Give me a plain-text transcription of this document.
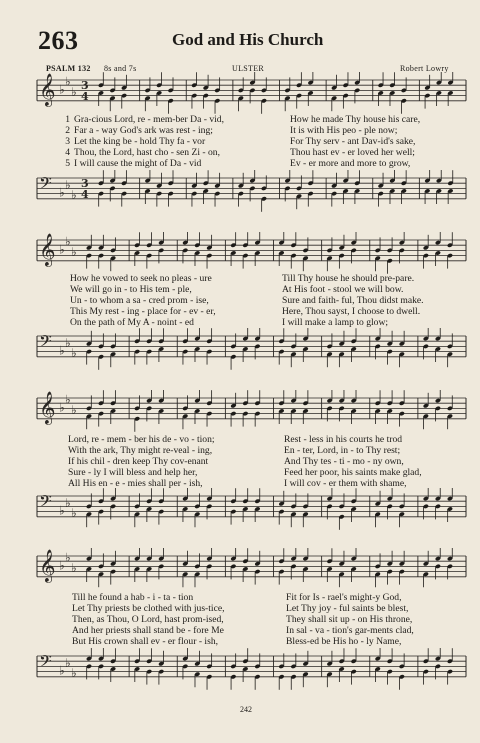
263	God and His Church
PSALM 132 8s and 7s	ULSTER	Robert Lowry
𝄞 ♭
♭
♭ 3
4
1 Gra-cious Lord, re - mem-ber Da - vid,	How he made Thy house his care,
2 Far a - way God's ark was rest - ing;	It is with His peo - ple now;
3 Let the king be - hold Thy fa - vor	For Thy serv - ant Dav-id's sake,
4 Thou, the Lord, hast cho - sen Zi - on,	Thou hast ev - er loved her well;
5 I will cause the might of Da - vid	Ev - er more and more to grow,
𝄢 ♭
♭
♭
3
4
𝄞 ♭
♭
♭
How he vowed to seek no pleas - ure	Till Thy house he should pre-pare.
We will go in - to His tem - ple,	At His foot - stool we will bow.
Un - to whom a sa - cred prom - ise,	Sure and faith- ful, Thou didst make.
This My rest - ing - place for - ev - er,	Here, Thou sayst, I choose to dwell.
On the path of My A - noint - ed	I will make a lamp to glow;
𝄢 ♭
♭
♭
𝄞 ♭
♭
♭
Lord, re - mem - ber his de - vo - tion;	Rest - less in his courts he trod
With the ark, Thy might re-veal - ing,	En - ter, Lord, in - to Thy rest;
If his chil - dren keep Thy cov-enant	And Thy tes - ti - mo - ny own,
Sure - ly I will bless and help her,	Feed her poor, his saints make glad,
All His en - e - mies shall per - ish,	I will cov - er them with shame,
𝄢 ♭
♭
♭
𝄞 ♭
♭
♭
Till he found a hab - i - ta - tion	Fit for Is - rael's might-y God,
Let Thy priests be clothed with jus-tice,	Let Thy joy - ful saints be blest,
Then, as Thou, O Lord, hast prom-ised,	They shall sit up - on His throne,
And her priests shall stand be - fore Me	In sal - va - tion's gar-ments clad,
But His crown shall ev - er flour - ish,	Bless-ed be His ho - ly Name,
𝄢 ♭
♭
♭
242
